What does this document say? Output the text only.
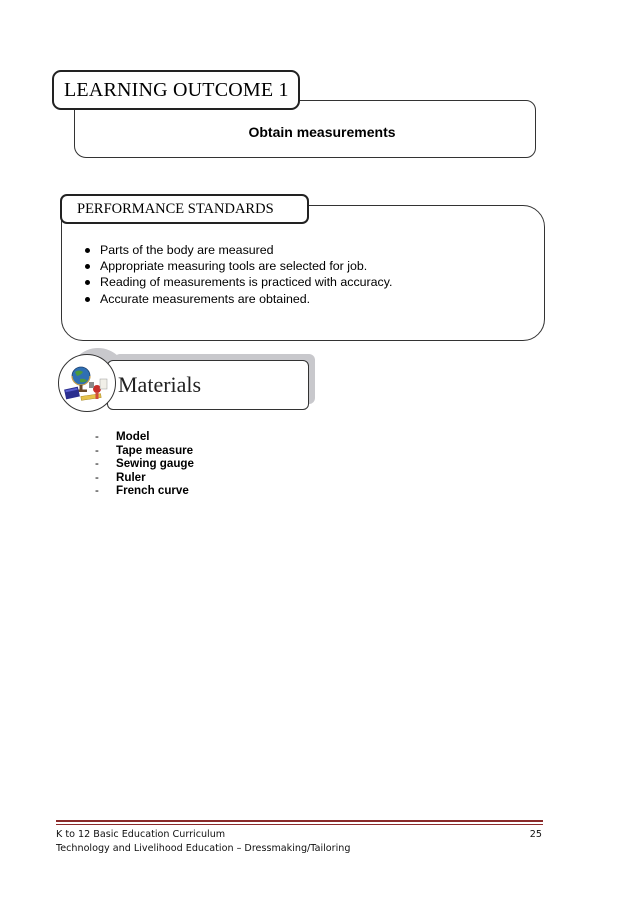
LEARNING OUTCOME 1
Obtain measurements
PERFORMANCE STANDARDS
Parts of the body are measured
Appropriate measuring tools are selected for job.
Reading of measurements is practiced with accuracy.
Accurate measurements are obtained.
Materials
- Model
- Tape measure
- Sewing gauge
- Ruler
- French curve
K to 12 Basic Education Curriculum
Technology and Livelihood Education – Dressmaking/Tailoring
25
